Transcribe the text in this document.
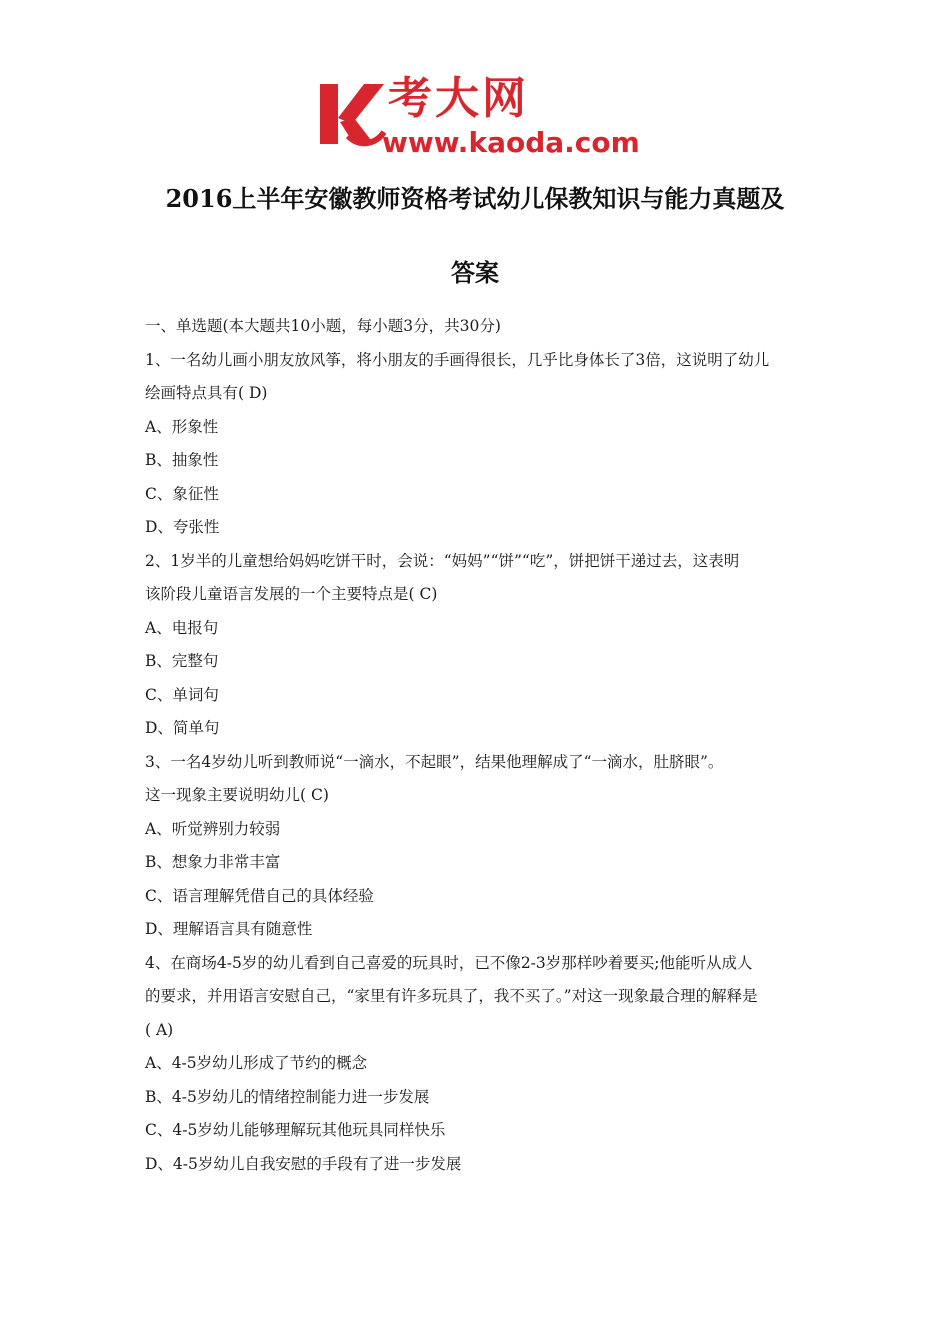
考大网
www.kaoda.com
2016上半年安徽教师资格考试幼儿保教知识与能力真题及
答案
一、单选题(本大题共10小题，每小题3分，共30分)
1、一名幼儿画小朋友放风筝，将小朋友的手画得很长，几乎比身体长了3倍，这说明了幼儿
绘画特点具有( D)
A、形象性
B、抽象性
C、象征性
D、夸张性
2、1岁半的儿童想给妈妈吃饼干时，会说：“妈妈”“饼”“吃”，饼把饼干递过去，这表明
该阶段儿童语言发展的一个主要特点是( C)
A、电报句
B、完整句
C、单词句
D、简单句
3、一名4岁幼儿听到教师说“一滴水，不起眼”，结果他理解成了“一滴水，肚脐眼”。
这一现象主要说明幼儿( C)
A、听觉辨别力较弱
B、想象力非常丰富
C、语言理解凭借自己的具体经验
D、理解语言具有随意性
4、在商场4-5岁的幼儿看到自己喜爱的玩具时，已不像2-3岁那样吵着要买;他能听从成人
的要求，并用语言安慰自己，“家里有许多玩具了，我不买了。”对这一现象最合理的解释是
( A)
A、4-5岁幼儿形成了节约的概念
B、4-5岁幼儿的情绪控制能力进一步发展
C、4-5岁幼儿能够理解玩其他玩具同样快乐
D、4-5岁幼儿自我安慰的手段有了进一步发展
